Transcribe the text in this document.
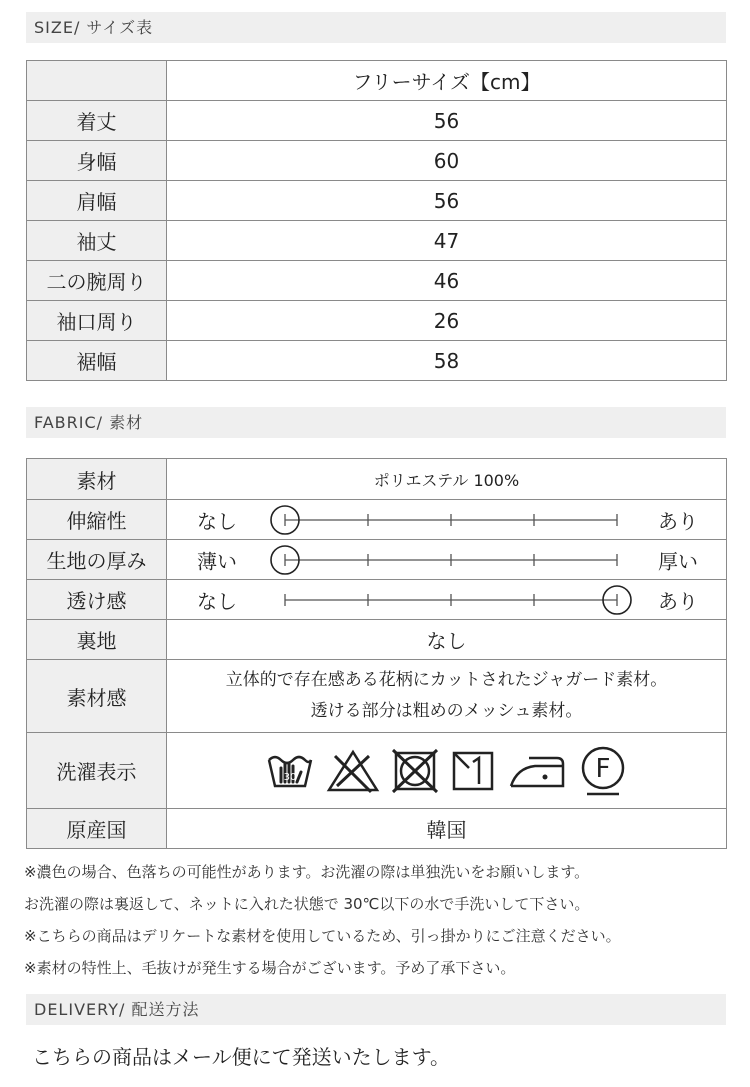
SIZE/ サイズ表
	フリーサイズ【cm】
着丈	56
身幅	60
肩幅	56
袖丈	47
二の腕周り	46
袖口周り	26
裾幅	58
FABRIC/ 素材
素材	ポリエステル 100%
伸縮性	なし あり

生地の厚み	薄い 厚い

透け感	なし あり

裏地	なし
素材感	立体的で存在感ある花柄にカットされたジャガード素材。
透ける部分は粗めのメッシュ素材。

洗濯表示	30 F

原産国	韓国
※濃色の場合、色落ちの可能性があります。お洗濯の際は単独洗いをお願いします。
お洗濯の際は裏返して、ネットに入れた状態で 30℃以下の水で手洗いして下さい。
※こちらの商品はデリケートな素材を使用しているため、引っ掛かりにご注意ください。
※素材の特性上、毛抜けが発生する場合がございます。予め了承下さい。
DELIVERY/ 配送方法
こちらの商品はメール便にて発送いたします。
